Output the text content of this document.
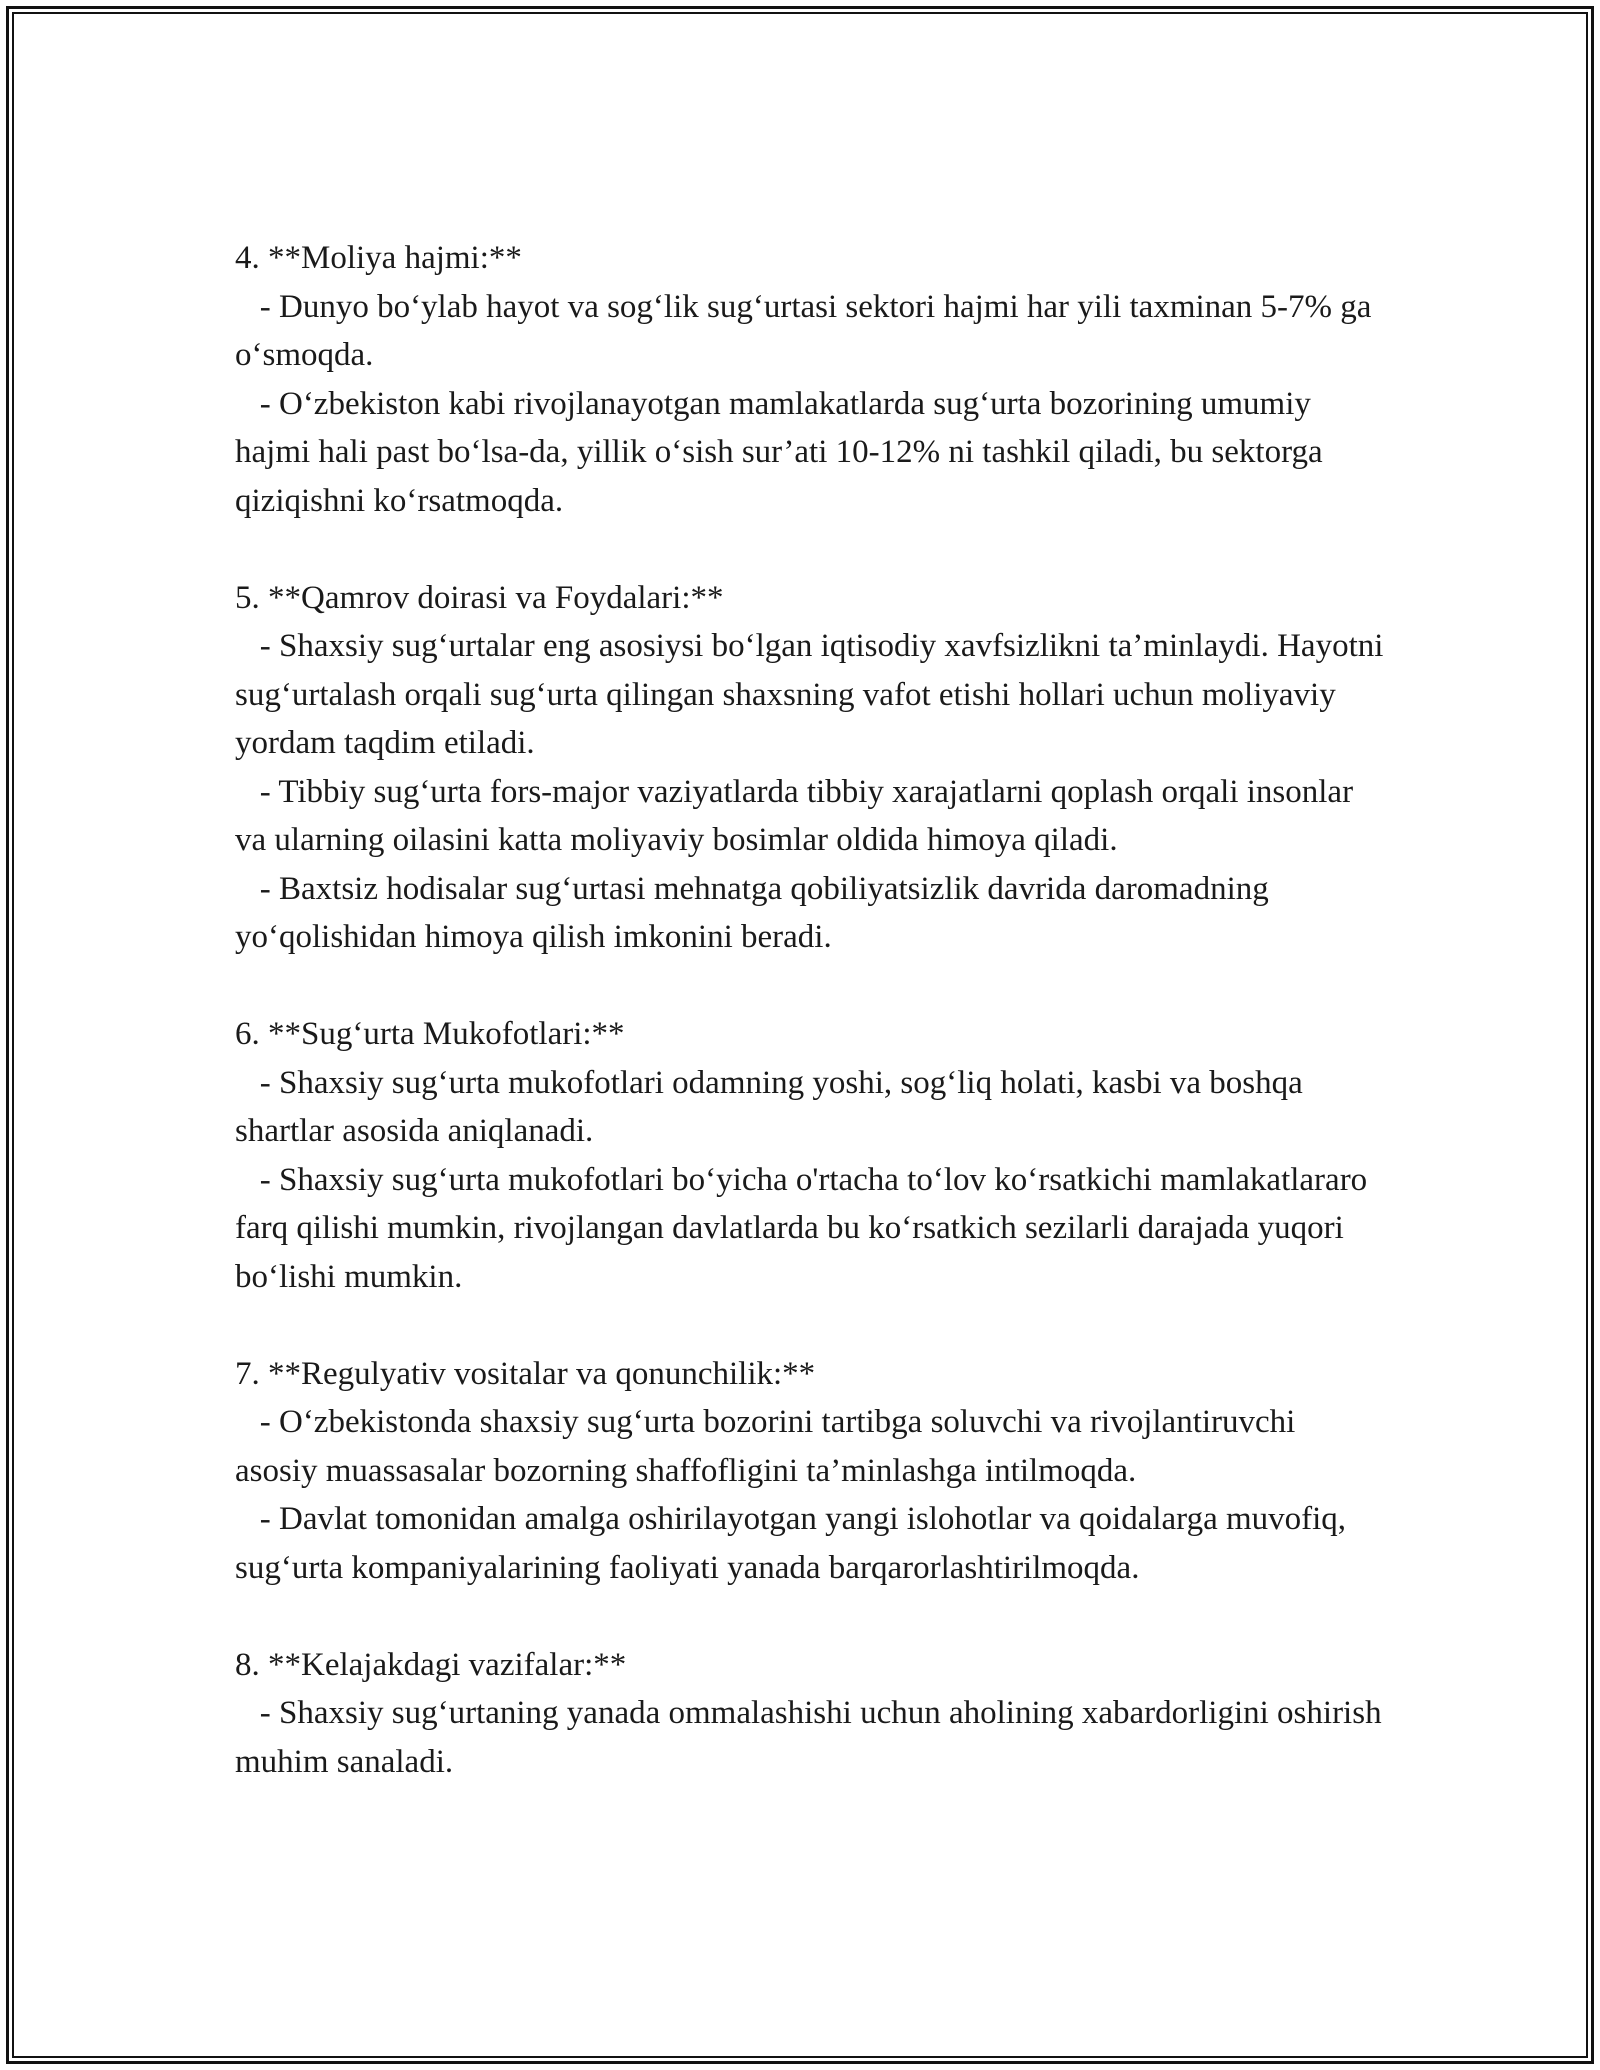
4. **Moliya hajmi:**

- Dunyo bo‘ylab hayot va sog‘lik sug‘urtasi sektori hajmi har yili taxminan 5-7% ga o‘smoqda.

- O‘zbekiston kabi rivojlanayotgan mamlakatlarda sug‘urta bozorining umumiy hajmi hali past bo‘lsa-da, yillik o‘sish sur’ati 10-12% ni tashkil qiladi, bu sektorga qiziqishni ko‘rsatmoqda.

5. **Qamrov doirasi va Foydalari:**

- Shaxsiy sug‘urtalar eng asosiysi bo‘lgan iqtisodiy xavfsizlikni ta’minlaydi. Hayotni sug‘urtalash orqali sug‘urta qilingan shaxsning vafot etishi hollari uchun moliyaviy yordam taqdim etiladi.

- Tibbiy sug‘urta fors-major vaziyatlarda tibbiy xarajatlarni qoplash orqali insonlar va ularning oilasini katta moliyaviy bosimlar oldida himoya qiladi.

- Baxtsiz hodisalar sug‘urtasi mehnatga qobiliyatsizlik davrida daromadning yo‘qolishidan himoya qilish imkonini beradi.

6. **Sug‘urta Mukofotlari:**

- Shaxsiy sug‘urta mukofotlari odamning yoshi, sog‘liq holati, kasbi va boshqa shartlar asosida aniqlanadi.

- Shaxsiy sug‘urta mukofotlari bo‘yicha o'rtacha to‘lov ko‘rsatkichi mamlakatlararo farq qilishi mumkin, rivojlangan davlatlarda bu ko‘rsatkich sezilarli darajada yuqori bo‘lishi mumkin.

7. **Regulyativ vositalar va qonunchilik:**

- O‘zbekistonda shaxsiy sug‘urta bozorini tartibga soluvchi va rivojlantiruvchi asosiy muassasalar bozorning shaffofligini ta’minlashga intilmoqda.

- Davlat tomonidan amalga oshirilayotgan yangi islohotlar va qoidalarga muvofiq, sug‘urta kompaniyalarining faoliyati yanada barqarorlashtirilmoqda.

8. **Kelajakdagi vazifalar:**

- Shaxsiy sug‘urtaning yanada ommalashishi uchun aholining xabardorligini oshirish muhim sanaladi.
